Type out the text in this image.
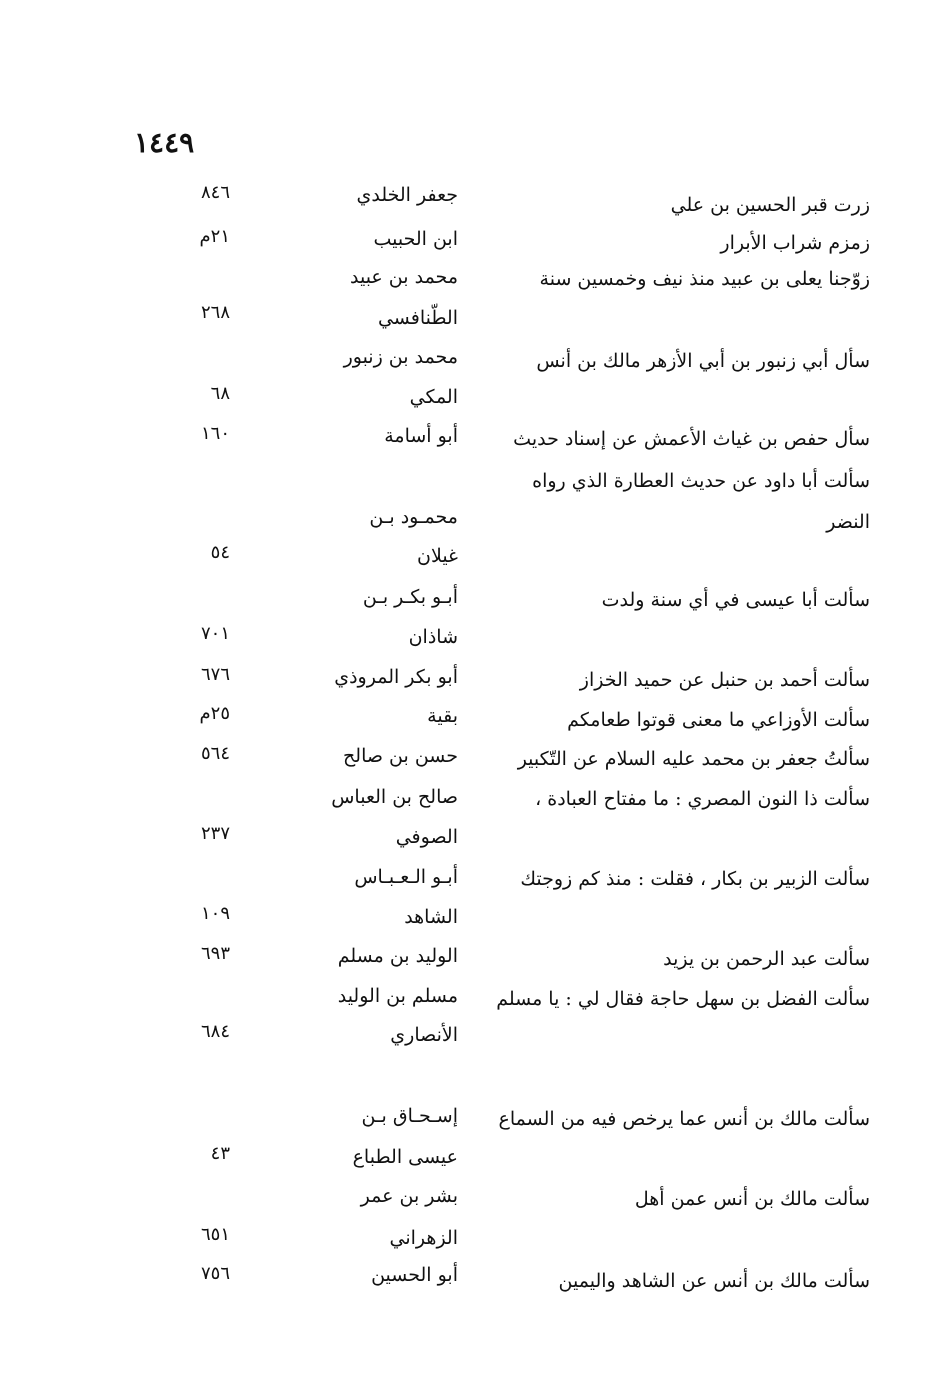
١٤٤٩
زرت قبر الحسين بن علي
جعفر الخلدي
٨٤٦
زمزم شراب الأبرار
ابن الحبيب
٢١م
زوّجنا يعلى بن عبيد منذ نيف وخمسين سنة
محمد بن عبيد
الطّنافسي
٢٦٨
سأل أبي زنبور بن أبي الأزهر مالك بن أنس
محمد بن زنبور
المكي
٦٨
سأل حفص بن غياث الأعمش عن إسناد حديث
أبو أسامة
١٦٠
سألت أبا داود عن حديث العطارة الذي رواه
النضر
محمـود بـن
غيلان
٥٤
سألت أبا عيسى في أي سنة ولدت
أبـو بكـر بـن
شاذان
٧٠١
سألت أحمد بن حنبل عن حميد الخزاز
أبو بكر المروذي
٦٧٦
سألت الأوزاعي ما معنى قوتوا طعامكم
بقية
٢٥م
سألتُ جعفر بن محمد عليه السلام عن التّكبير
حسن بن صالح
٥٦٤
سألت ذا النون المصري : ما مفتاح العبادة ،
صالح بن العباس
الصوفي
٢٣٧
سألت الزبير بن بكار ، فقلت : منذ كم زوجتك
أبـو الـعـبـاس
الشاهد
١٠٩
سألت عبد الرحمن بن يزيد
الوليد بن مسلم
٦٩٣
سألت الفضل بن سهل حاجة فقال لي : يا مسلم
مسلم بن الوليد
الأنصاري
٦٨٤
سألت مالك بن أنس عما يرخص فيه من السماع
إسـحـاق بـن
عيسى الطباع
٤٣
سألت مالك بن أنس عمن أهل
بشر بن عمر
الزهراني
٦٥١
سألت مالك بن أنس عن الشاهد واليمين
أبو الحسين
٧٥٦
